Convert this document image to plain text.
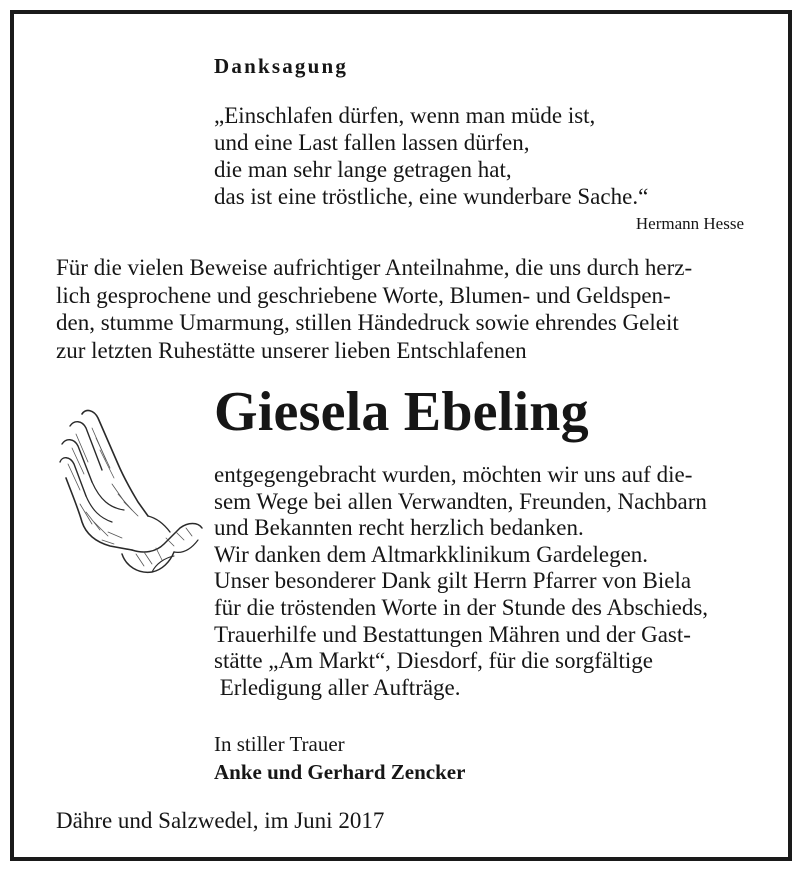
Danksagung
„Einschlafen dürfen, wenn man müde ist,
und eine Last fallen lassen dürfen,
die man sehr lange getragen hat,
das ist eine tröstliche, eine wunderbare Sache.“
Hermann Hesse
Für die vielen Beweise aufrichtiger Anteilnahme, die uns durch herz-
lich gesprochene und geschriebene Worte, Blumen- und Geldspen-
den, stumme Umarmung, stillen Händedruck sowie ehrendes Geleit
zur letzten Ruhestätte unserer lieben Entschlafenen
Giesela Ebeling
entgegengebracht wurden, möchten wir uns auf die-
sem Wege bei allen Verwandten, Freunden, Nachbarn
und Bekannten recht herzlich bedanken.
Wir danken dem Altmarkklinikum Gardelegen.
Unser besonderer Dank gilt Herrn Pfarrer von Biela
für die tröstenden Worte in der Stunde des Abschieds,
Trauerhilfe und Bestattungen Mähren und der Gast-
stätte „Am Markt“, Diesdorf, für die sorgfältige
Erledigung aller Aufträge.
In stiller Trauer
Anke und Gerhard Zencker
Dähre und Salzwedel, im Juni 2017
